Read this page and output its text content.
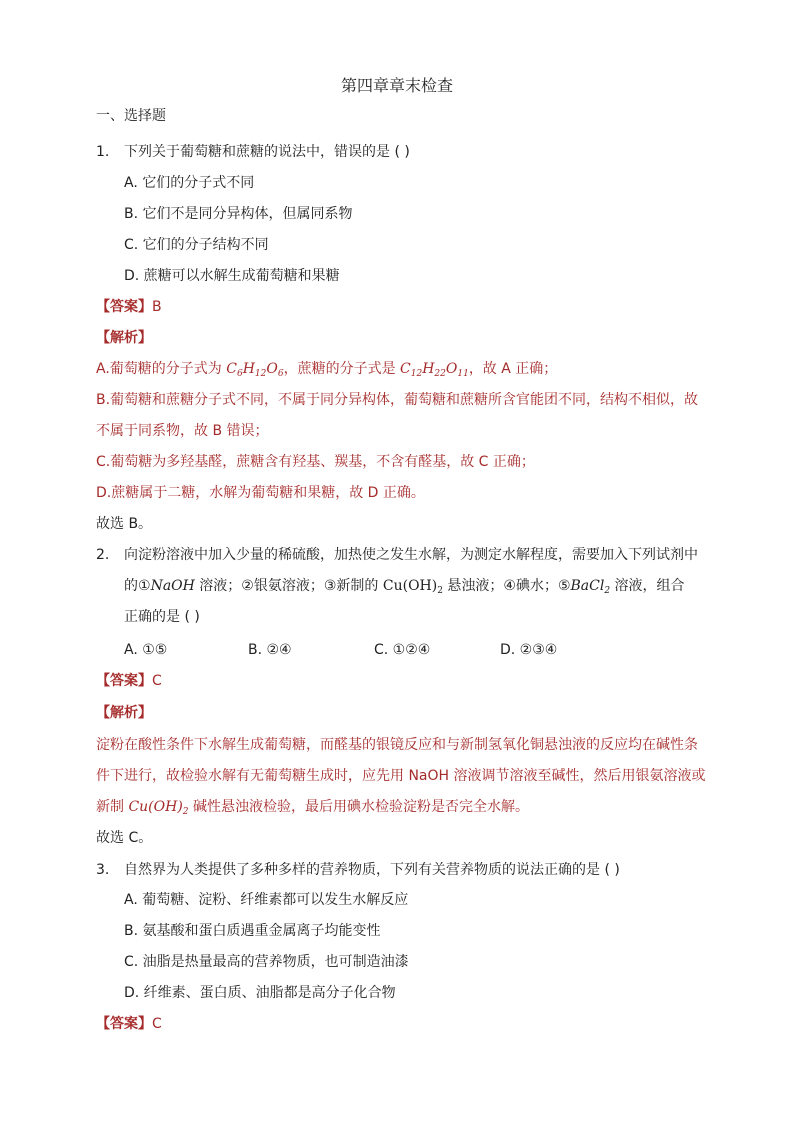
第四章章末检查
一、选择题
1. 下列关于葡萄糖和蔗糖的说法中，错误的是 ( )
A. 它们的分子式不同
B. 它们不是同分异构体，但属同系物
C. 它们的分子结构不同
D. 蔗糖可以水解生成葡萄糖和果糖
【答案】B
【解析】
A.葡萄糖的分子式为 $C_6H_{12}O_6$，蔗糖的分子式是 $C_{12}H_{22}O_{11}$，故 A 正确；
B.葡萄糖和蔗糖分子式不同，不属于同分异构体，葡萄糖和蔗糖所含官能团不同，结构不相似，故
不属于同系物，故 B 错误；
C.葡萄糖为多羟基醛，蔗糖含有羟基、羰基，不含有醛基，故 C 正确；
D.蔗糖属于二糖，水解为葡萄糖和果糖，故 D 正确。
故选 B。
2. 向淀粉溶液中加入少量的稀硫酸，加热使之发生水解，为测定水解程度，需要加入下列试剂中
的①NaOH 溶液；②银氨溶液；③新制的 $Cu(OH)_2$ 悬浊液；④碘水；⑤BaCl$_2$ 溶液，组合
正确的是 ( )
A. ①⑤	B. ②④	C. ①②④	D. ②③④
【答案】C
【解析】
淀粉在酸性条件下水解生成葡萄糖，而醛基的银镜反应和与新制氢氧化铜悬浊液的反应均在碱性条
件下进行，故检验水解有无葡萄糖生成时，应先用 NaOH 溶液调节溶液至碱性，然后用银氨溶液或
新制 $Cu(OH)_2$ 碱性悬浊液检验，最后用碘水检验淀粉是否完全水解。
故选 C。
3. 自然界为人类提供了多种多样的营养物质，下列有关营养物质的说法正确的是 ( )
A. 葡萄糖、淀粉、纤维素都可以发生水解反应
B. 氨基酸和蛋白质遇重金属离子均能变性
C. 油脂是热量最高的营养物质，也可制造油漆
D. 纤维素、蛋白质、油脂都是高分子化合物
【答案】C
